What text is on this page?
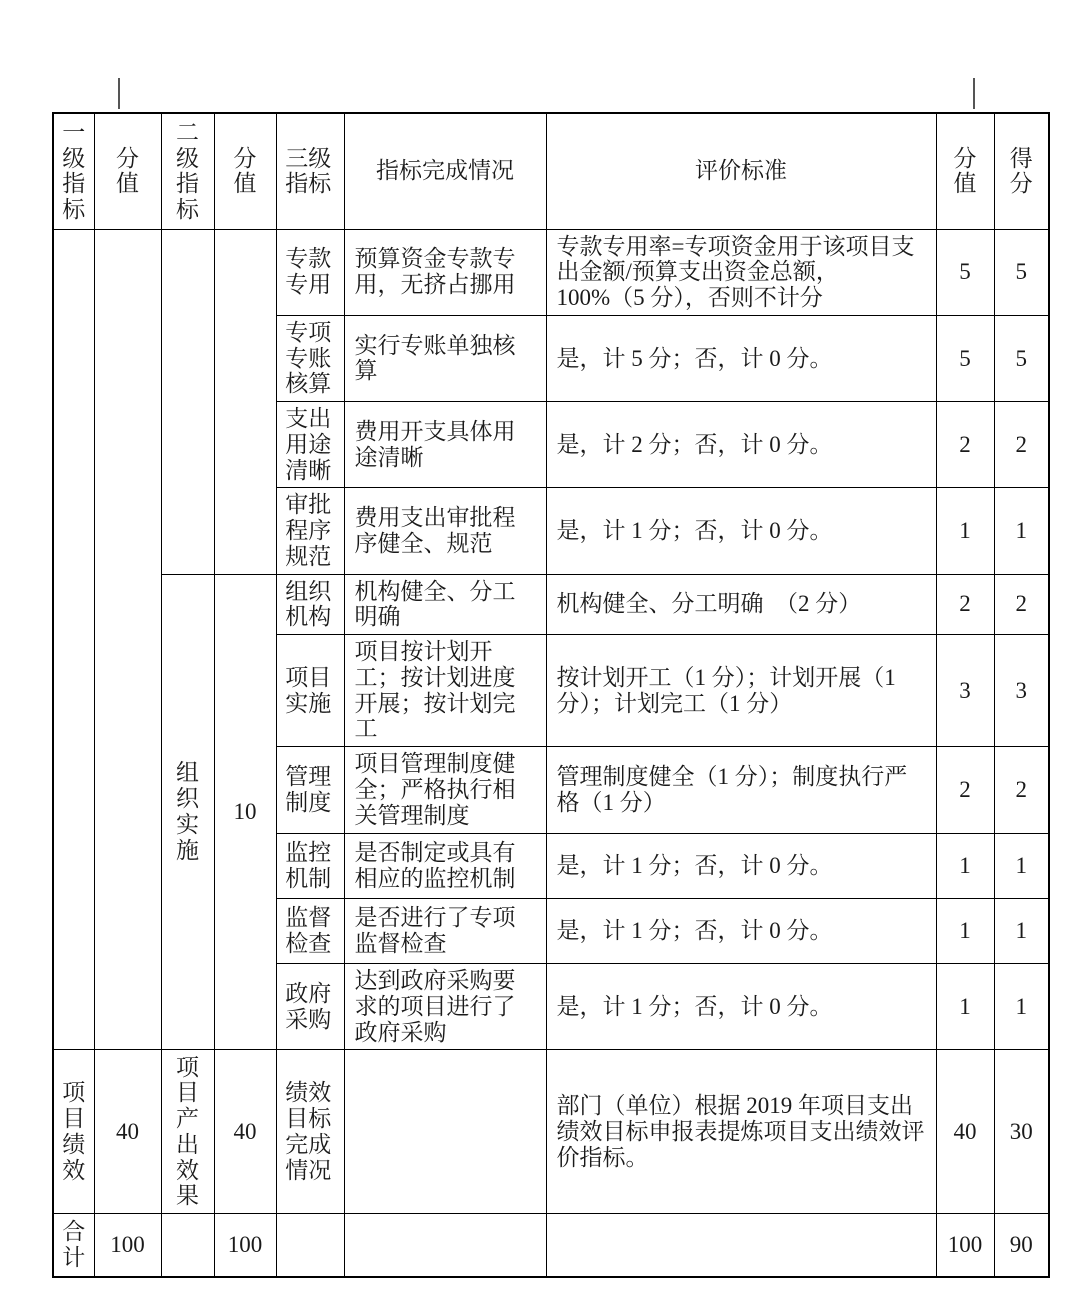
一级指标	分值	二级指标	分值	三级指标	指标完成情况	评价标准	分值	得分
				专款专用	预算资金专款专用，无挤占挪用	专款专用率=专项资金用于该项目支出金额/预算支出资金总额，100%（5 分），否则不计分	5	5
				专项专账核算	实行专账单独核算	是，计 5 分；否，计 0 分。	5	5
				支出用途清晰	费用开支具体用途清晰	是，计 2 分；否，计 0 分。	2	2
				审批程序规范	费用支出审批程序健全、规范	是，计 1 分；否，计 0 分。	1	1
		组织实施	10	组织机构	机构健全、分工明确	机构健全、分工明确　（2 分）	2	2
				项目实施	项目按计划开工；按计划进度开展；按计划完工	按计划开工（1 分）；计划开展（1 分）；计划完工（1 分）	3	3
				管理制度	项目管理制度健全；严格执行相关管理制度	管理制度健全（1 分）；制度执行严格（1 分）	2	2
				监控机制	是否制定或具有相应的监控机制	是，计 1 分；否，计 0 分。	1	1
				监督检查	是否进行了专项监督检查	是，计 1 分；否，计 0 分。	1	1
				政府采购	达到政府采购要求的项目进行了政府采购	是，计 1 分；否，计 0 分。	1	1
项目绩效	40	项目产出效果	40	绩效目标完成情况		部门（单位）根据 2019 年项目支出绩效目标申报表提炼项目支出绩效评价指标。	40	30
合计	100		100				100	90
